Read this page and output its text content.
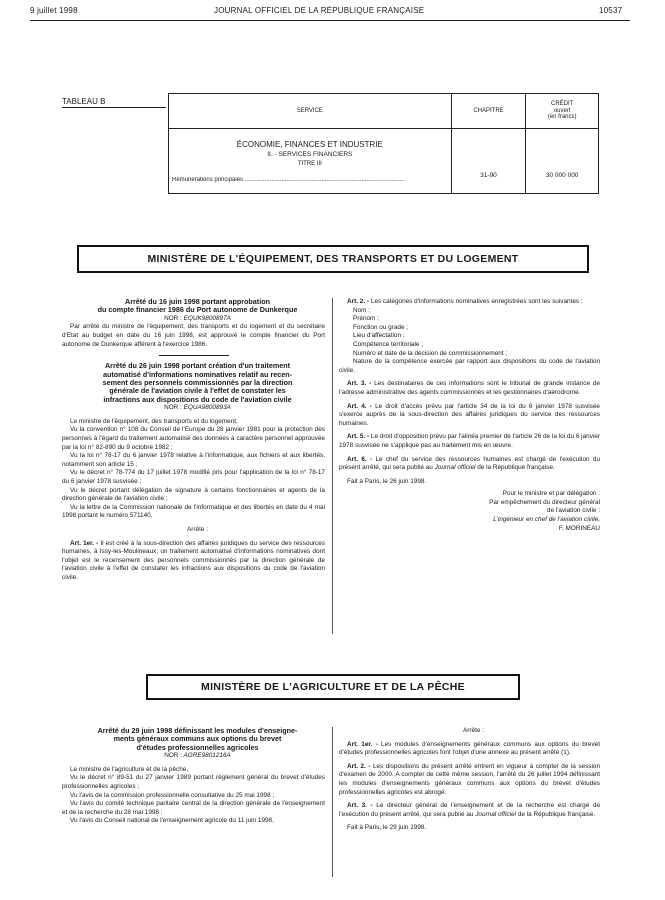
9 juillet 1998	JOURNAL OFFICIEL DE LA RÉPUBLIQUE FRANÇAISE	10537
TABLEAU B
SERVICE	CHAPITRE	CRÉDIT
ouvert
(en francs)

ÉCONOMIE, FINANCES ET INDUSTRIE
II. - SERVICES FINANCIERS
TITRE III
Rémunérations principales ................................................................................................	31-90	30 000 000
MINISTÈRE DE L'ÉQUIPEMENT, DES TRANSPORTS ET DU LOGEMENT

Arrêté du 16 juin 1998 portant approbation

du compte financier 1986 du Port autonome de Dunkerque

NOR : EQUK9800897A

Par arrêté du ministre de l'équipement, des transports et du logement et du secrétaire d'Etat au budget en date du 16 juin 1998, est approuvé le compte financier du Port autonome de Dunkerque afférent à l'exercice 1986.

Arrêté du 26 juin 1998 portant création d'un traitement

automatisé d'informations nominatives relatif au recen-

sement des personnels commissionnés par la direction

générale de l'aviation civile à l'effet de constater les

infractions aux dispositions du code de l'aviation civile

NOR : EQUA9800893A

Le ministre de l'équipement, des transports et du logement,

Vu la convention n° 108 du Conseil de l'Europe du 28 janvier 1981 pour la protection des personnes à l'égard du traitement automatisé des données à caractère personnel approuvée par la loi n° 82-890 du 9 octobre 1982 ;

Vu la loi n° 78-17 du 6 janvier 1978 relative à l'informatique, aux fichiers et aux libertés, notamment son article 15 ;

Vu le décret n° 78-774 du 17 juillet 1978 modifié pris pour l'application de la loi n° 78-17 du 6 janvier 1978 susvisée ;

Vu le décret portant délégation de signature à certains fonctionnaires et agents de la direction générale de l'aviation civile ;

Vu la lettre de la Commission nationale de l'informatique et des libertés en date du 4 mai 1998 portant le numéro 571140,

Arrête :

Art. 1er. - Il est créé à la sous-direction des affaires juridiques du service des ressources humaines, à Issy-les-Moulineaux, un traitement automatisé d'informations nominatives dont l'objet est le recensement des personnels commissionnés par la direction générale de l'aviation civile à l'effet de constater les infractions aux dispositions du code de l'aviation civile.

Art. 2. - Les catégories d'informations nominatives enregistrées sont les suivantes :

Nom ;

Prénom ;

Fonction ou grade ;

Lieu d'affectation ;

Compétence territoriale ;

Numéro et date de la décision de commissionnement ;

Nature de la compétence exercée par rapport aux dispositions du code de l'aviation civile.

Art. 3. - Les destinataires de ces informations sont le tribunal de grande instance de l'adresse administrative des agents commissionnés et les gestionnaires d'aérodrome.

Art. 4. - Le droit d'accès prévu par l'article 34 de la loi du 6 janvier 1978 susvisée s'exerce auprès de la sous-direction des affaires juridiques du service des ressources humaines.

Art. 5. - Le droit d'opposition prévu par l'alinéa premier de l'article 26 de la loi du 6 janvier 1978 susvisée ne s'applique pas au traitement mis en œuvre.

Art. 6. - Le chef du service des ressources humaines est chargé de l'exécution du présent arrêté, qui sera publié au Journal officiel de la République française.

Fait à Paris, le 26 juin 1998.

Pour le ministre et par délégation :

Par empêchement du directeur général

de l'aviation civile :

L'ingénieur en chef de l'aviation civile,

F. MORINEAU

MINISTÈRE DE L'AGRICULTURE ET DE LA PÊCHE

Arrêté du 29 juin 1998 définissant les modules d'enseigne-

ments généraux communs aux options du brevet

d'études professionnelles agricoles

NOR : AGRE9801216A

Le ministre de l'agriculture et de la pêche,

Vu le décret n° 89-51 du 27 janvier 1989 portant règlement général du brevet d'études professionnelles agricoles ;

Vu l'avis de la commission professionnelle consultative du 25 mai 1998 ;

Vu l'avis du comité technique paritaire central de la direction générale de l'enseignement et de la recherche du 28 mai 1998 ;

Vu l'avis du Conseil national de l'enseignement agricole du 11 juin 1998,

Arrête :

Art. 1er. - Les modules d'enseignements généraux communs aux options du brevet d'études professionnelles agricoles font l'objet d'une annexe au présent arrêté (1).

Art. 2. - Les dispositions du présent arrêté entrent en vigueur à compter de la session d'examen de 2000. A compter de cette même session, l'arrêté du 26 juillet 1994 définissant les modules d'enseignements généraux communs aux options du brevet d'études professionnelles agricoles est abrogé.

Art. 3. - Le directeur général de l'enseignement et de la recherche est chargé de l'exécution du présent arrêté, qui sera publié au Journal officiel de la République française.

Fait à Paris, le 29 juin 1998.
